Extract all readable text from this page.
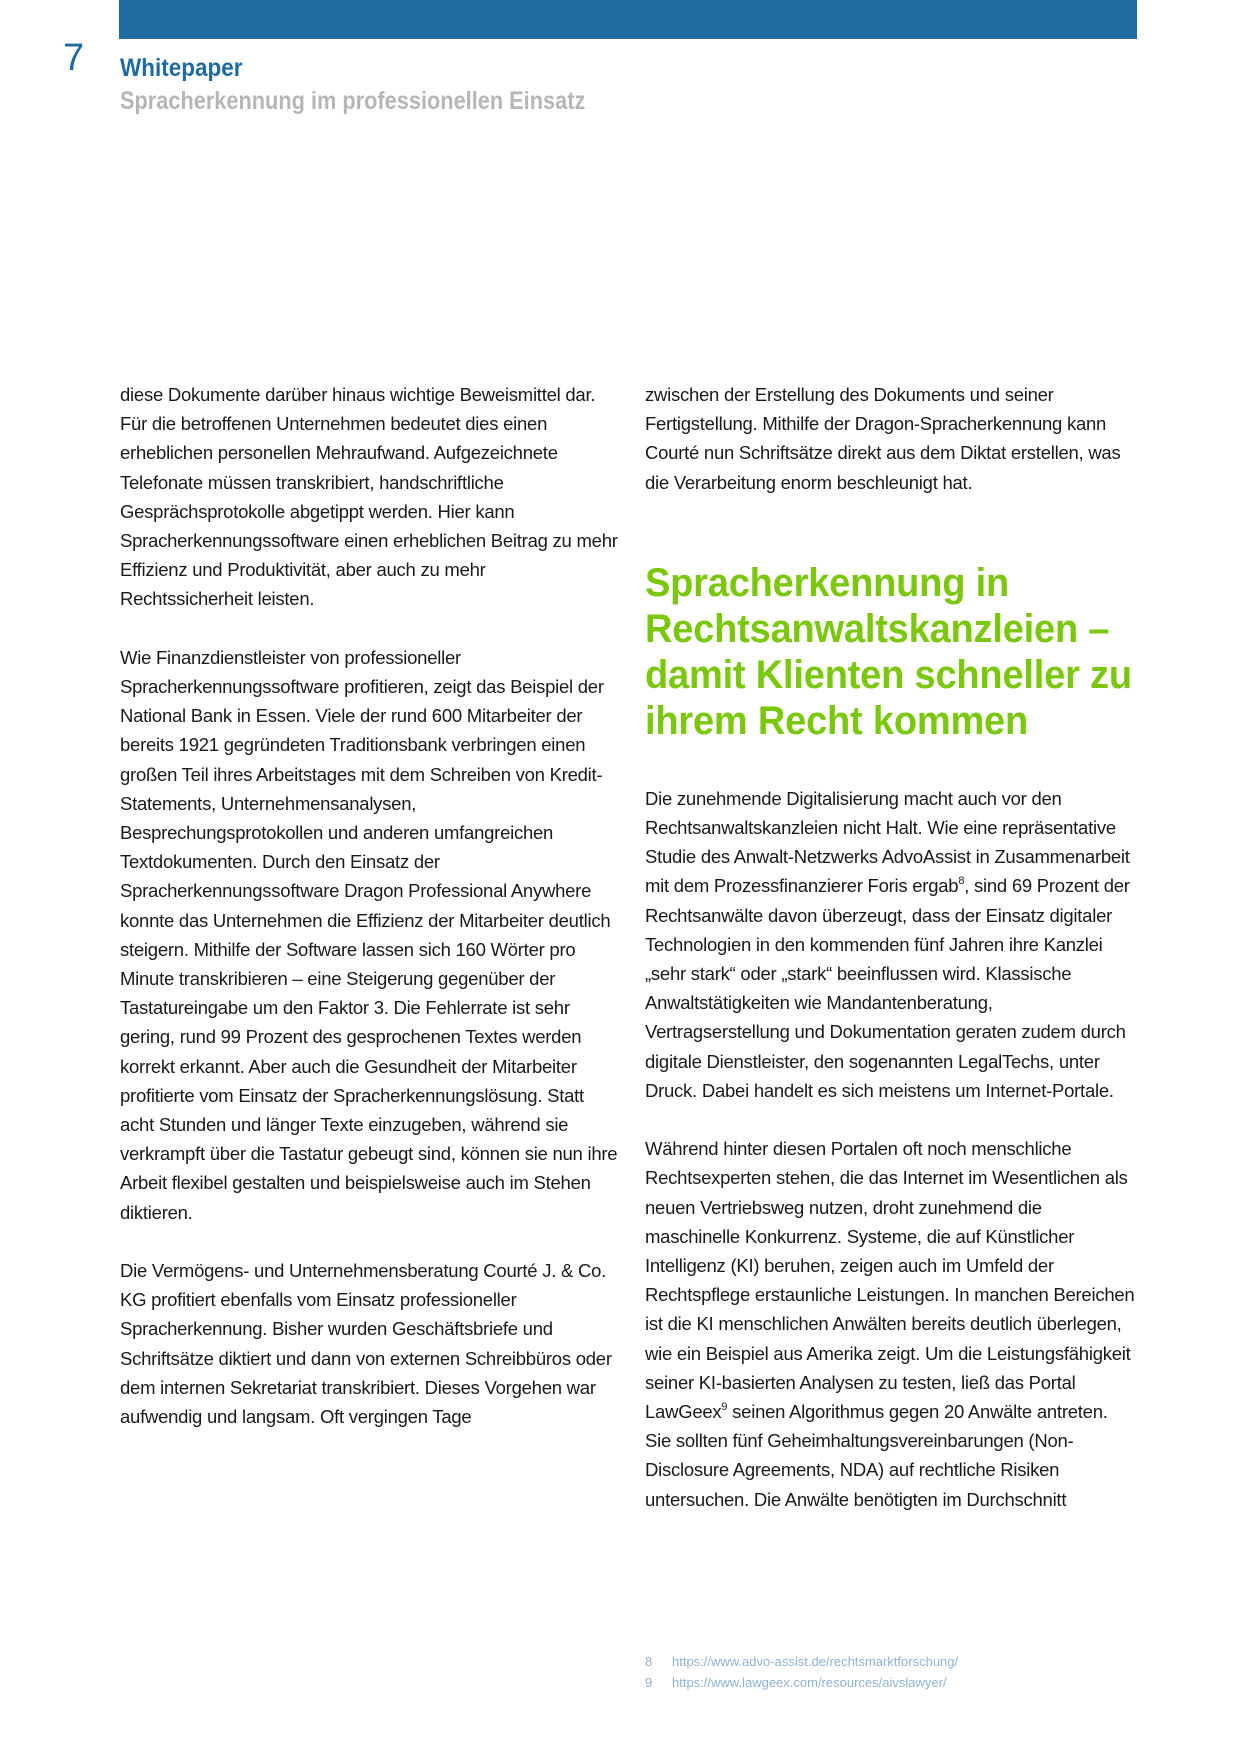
7 Whitepaper
Spracherkennung im professionellen Einsatz

diese Dokumente darüber hinaus wichtige Beweismittel dar. Für die betroffenen Unternehmen bedeutet dies einen erheblichen personellen Mehraufwand. Aufgezeichnete Telefonate müssen transkribiert, handschriftliche Gesprächsprotokolle abgetippt werden. Hier kann Spracherkennungssoftware einen erheblichen Beitrag zu mehr Effizienz und Produktivität, aber auch zu mehr Rechtssicherheit leisten.

Wie Finanzdienstleister von professioneller Spracherkennungssoftware profitieren, zeigt das Beispiel der National Bank in Essen. Viele der rund 600 Mitarbeiter der bereits 1921 gegründeten Traditionsbank verbringen einen großen Teil ihres Arbeitstages mit dem Schreiben von Kredit-Statements, Unternehmensanalysen, Besprechungsprotokollen und anderen umfangreichen Textdokumenten. Durch den Einsatz der Spracherkennungssoftware Dragon Professional Anywhere konnte das Unternehmen die Effizienz der Mitarbeiter deutlich steigern. Mithilfe der Software lassen sich 160 Wörter pro Minute transkribieren – eine Steigerung gegenüber der Tastatureingabe um den Faktor 3. Die Fehlerrate ist sehr gering, rund 99 Prozent des gesprochenen Textes werden korrekt erkannt. Aber auch die Gesundheit der Mitarbeiter profitierte vom Einsatz der Spracherkennungslösung. Statt acht Stunden und länger Texte einzugeben, während sie verkrampft über die Tastatur gebeugt sind, können sie nun ihre Arbeit flexibel gestalten und beispielsweise auch im Stehen diktieren.

Die Vermögens- und Unternehmensberatung Courté J. & Co. KG profitiert ebenfalls vom Einsatz professioneller Spracherkennung. Bisher wurden Geschäftsbriefe und Schriftsätze diktiert und dann von externen Schreibbüros oder dem internen Sekretariat transkribiert. Dieses Vorgehen war aufwendig und langsam. Oft vergingen Tage

zwischen der Erstellung des Dokuments und seiner Fertigstellung. Mithilfe der Dragon-Spracherkennung kann Courté nun Schriftsätze direkt aus dem Diktat erstellen, was die Verarbeitung enorm beschleunigt hat.

Spracherkennung in Rechtsanwaltskanzleien – damit Klienten schneller zu ihrem Recht kommen

Die zunehmende Digitalisierung macht auch vor den Rechtsanwaltskanzleien nicht Halt. Wie eine repräsentative Studie des Anwalt-Netzwerks AdvoAssist in Zusammenarbeit mit dem Prozessfinanzierer Foris ergab$^8$, sind 69 Prozent der Rechtsanwälte davon überzeugt, dass der Einsatz digitaler Technologien in den kommenden fünf Jahren ihre Kanzlei „sehr stark“ oder „stark“ beeinflussen wird. Klassische Anwaltstätigkeiten wie Mandantenberatung, Vertragserstellung und Dokumentation geraten zudem durch digitale Dienstleister, den sogenannten LegalTechs, unter Druck. Dabei handelt es sich meistens um Internet-Portale.

Während hinter diesen Portalen oft noch menschliche Rechtsexperten stehen, die das Internet im Wesentlichen als neuen Vertriebsweg nutzen, droht zunehmend die maschinelle Konkurrenz. Systeme, die auf Künstlicher Intelligenz (KI) beruhen, zeigen auch im Umfeld der Rechtspflege erstaunliche Leistungen. In manchen Bereichen ist die KI menschlichen Anwälten bereits deutlich überlegen, wie ein Beispiel aus Amerika zeigt. Um die Leistungsfähigkeit seiner KI-basierten Analysen zu testen, ließ das Portal LawGeex$^9$ seinen Algorithmus gegen 20 Anwälte antreten. Sie sollten fünf Geheimhaltungsvereinbarungen (Non-Disclosure Agreements, NDA) auf rechtliche Risiken untersuchen. Die Anwälte benötigten im Durchschnitt

8	https://www.advo-assist.de/rechtsmarktforschung/
9	https://www.lawgeex.com/resources/aivslawyer/
